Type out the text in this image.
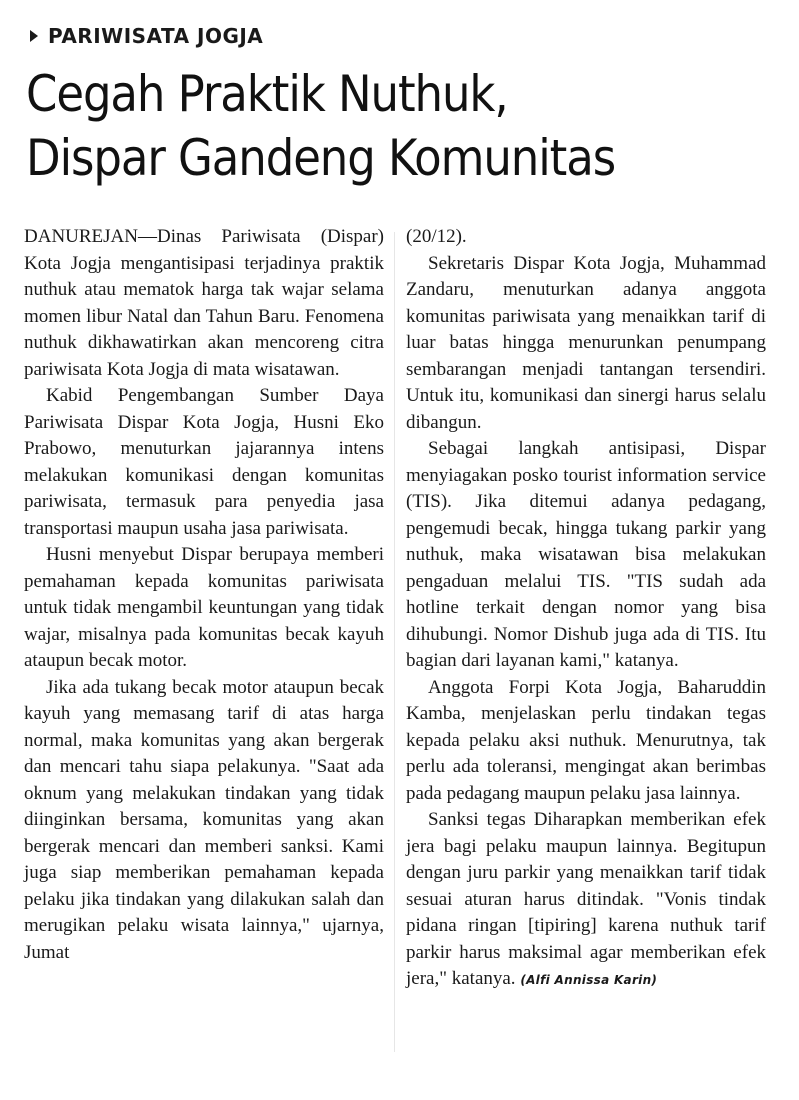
PARIWISATA JOGJA
Cegah Praktik Nuthuk,
Dispar Gandeng Komunitas

DANUREJAN—Dinas Pariwisata (Dispar) Kota Jogja mengantisipasi terjadinya praktik nuthuk atau mematok harga tak wajar selama momen libur Natal dan Tahun Baru. Fenomena nuthuk dikhawatirkan akan mencoreng citra pariwisata Kota Jogja di mata wisatawan.

Kabid Pengembangan Sumber Daya Pariwisata Dispar Kota Jogja, Husni Eko Prabowo, menuturkan jajarannya intens melakukan komunikasi dengan komunitas pariwisata, termasuk para penyedia jasa transportasi maupun usaha jasa pariwisata.

Husni menyebut Dispar berupaya memberi pemahaman kepada komunitas pariwisata untuk tidak mengambil keuntungan yang tidak wajar, misalnya pada komunitas becak kayuh ataupun becak motor.

Jika ada tukang becak motor ataupun becak kayuh yang memasang tarif di atas harga normal, maka komunitas yang akan bergerak dan mencari tahu siapa pelakunya. "Saat ada oknum yang melakukan tindakan yang tidak diinginkan bersama, komunitas yang akan bergerak mencari dan memberi sanksi. Kami juga siap memberikan pemahaman kepada pelaku jika tindakan yang dilakukan salah dan merugikan pelaku wisata lainnya," ujarnya, Jumat

(20/12).

Sekretaris Dispar Kota Jogja, Muhammad Zandaru, menuturkan adanya anggota komunitas pariwisata yang menaikkan tarif di luar batas hingga menurunkan penumpang sembarangan menjadi tantangan tersendiri. Untuk itu, komunikasi dan sinergi harus selalu dibangun.

Sebagai langkah antisipasi, Dispar menyiagakan posko tourist information service (TIS). Jika ditemui adanya pedagang, pengemudi becak, hingga tukang parkir yang nuthuk, maka wisatawan bisa melakukan pengaduan melalui TIS. "TIS sudah ada hotline terkait dengan nomor yang bisa dihubungi. Nomor Dishub juga ada di TIS. Itu bagian dari layanan kami," katanya.

Anggota Forpi Kota Jogja, Baharuddin Kamba, menjelaskan perlu tindakan tegas kepada pelaku aksi nuthuk. Menurutnya, tak perlu ada toleransi, mengingat akan berimbas pada pedagang maupun pelaku jasa lainnya.

Sanksi tegas Diharapkan memberikan efek jera bagi pelaku maupun lainnya. Begitupun dengan juru parkir yang menaikkan tarif tidak sesuai aturan harus ditindak. "Vonis tindak pidana ringan [tipiring] karena nuthuk tarif parkir harus maksimal agar memberikan efek jera," katanya. (Alfi Annissa Karin)
